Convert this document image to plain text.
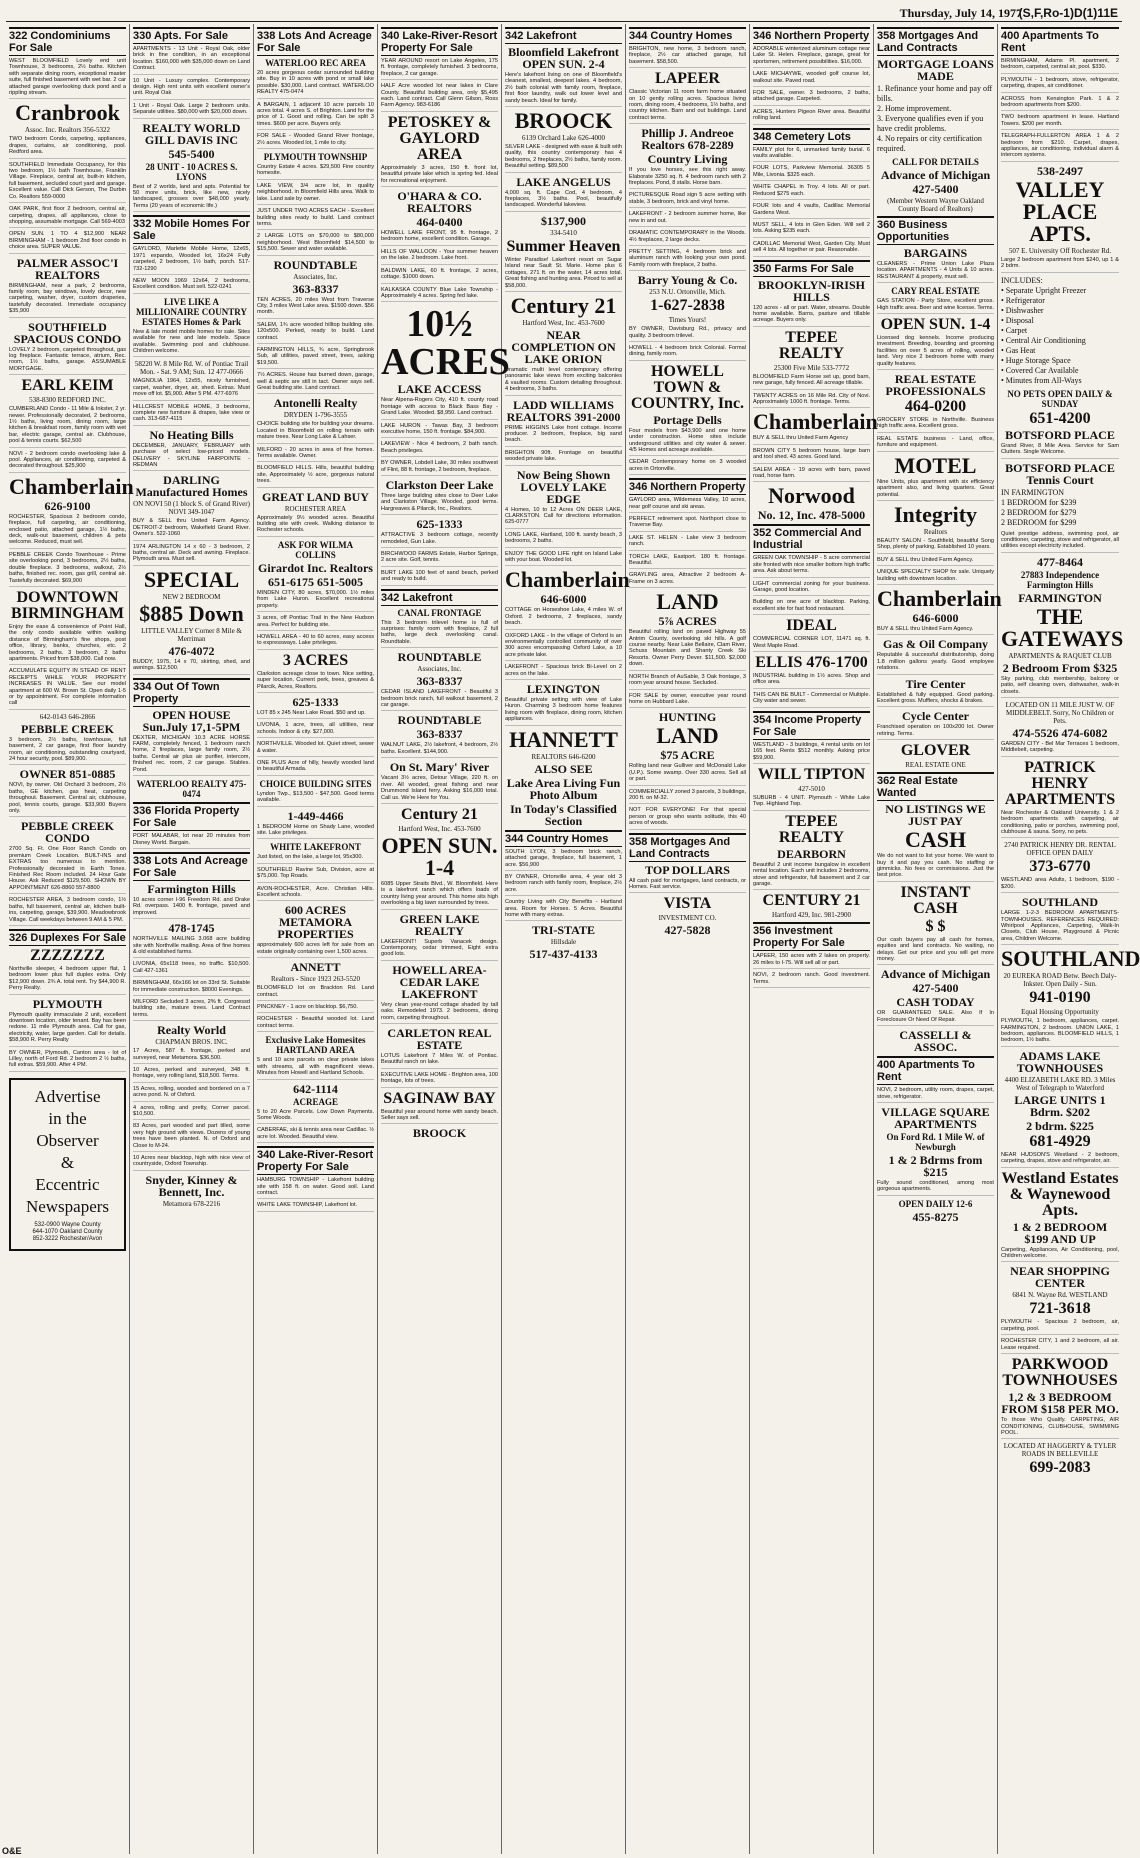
Thursday, July 14, 1977
(S,F,Ro-1)D(1)11E
322 Condominiums For Sale
WEST BLOOMFIELD Lovely end unit Townhouse, 3 bedrooms, 2½ baths. Kitchen with separate dining room, exceptional master suite, full finished basement with wet bar. 2 car attached garage overlooking duck pond and a rippling stream.
Cranbrook
Assoc. Inc. Realtors 356-5322
TWO bedroom Condo, carpeting, appliances, drapes, curtains, air conditioning, pool. Redford area.
SOUTHFIELD Immediate Occupancy, for this two bedroom, 1½ bath Townhouse, Franklin Village. Fireplace, central air, built-in kitchen, full basement, secluded court yard and garage. Excellent value. Call Dick Gerson, The Durbin Co. Realtors 559-0000
OAK PARK, first floor 2 bedroom, central air, carpeting, drapes, all appliances, close to shopping, assumable mortgage. Call 569-4003
OPEN SUN. 1 TO 4 $12,900 NEAR BIRMINGHAM - 1 bedroom 2nd floor condo in choice area. SUPER VALUE.
PALMER ASSOC'I REALTORS
BIRMINGHAM, near a park, 2 bedrooms, family room, bay windows, lovely decor, new carpeting, washer, dryer, custom draperies, tastefully decorated. Immediate occupancy $35,900
SOUTHFIELD SPACIOUS CONDO
LOVELY 2 bedroom, carpeted throughout, gas log fireplace. Fantastic terrace, atrium, Rec. room, 1½ baths, garage. ASSUMABLE MORTGAGE.
EARL KEIM
538-8300 REDFORD INC.
CUMBERLAND Condo - 11 Mile & Inkster, 2 yr. newer. Professionally decorated, 2 bedrooms, 1½ baths, living room, dining room, large kitchen & breakfast room, family room with wet bar, electric garage, central air. Clubhouse, pool & tennis courts. $62,500
NOVI - 2 bedroom condo overlooking lake & pool. Appliances, air conditioning, carpeted & decorated throughout. $25,900
Chamberlain
626-9100
ROCHESTER, Spacious 2 bedroom condo, fireplace, full carpeting, air conditioning, enclosed patio, attached garage, 1½ baths, deck, walk-out basement, children & pets welcome. Reduced, must sell.
PEBBLE CREEK Condo Townhouse - Prime site overlooking pond, 3 bedrooms, 2½ baths, double fireplace. 3 bedrooms, walkout, 2½ baths, finished rec. room, gas grill, central air. Tastefully decorated. $69,900
DOWNTOWN BIRMINGHAM
Enjoy the ease & convenience of Point Hall, the only condo available within walking distance of Birmingham's fine shops, post office, library, banks, churches, etc. 2 bedrooms, 2 baths. 3 bedroom, 2 baths apartments. Priced from $38,000. Call now.
ACCUMULATE EQUITY IN STEAD OF RENT RECEIPTS WHILE YOUR PROPERTY INCREASES IN VALUE. See our model apartment at 600 W. Brown St. Open daily 1-5 or by appointment. For complete information call
642-0143 646-2866
PEBBLE CREEK
3 bedroom, 2½ baths, townhouse, full basement, 2 car garage, first floor laundry room, air conditioning, outstanding courtyard, 24 hour security, pool. $89,900.
OWNER 851-0885
NOVI, by owner. Old Orchard 3 bedroom, 2½ baths, GE kitchen, gas heat, carpeting throughout. Basement. Central air, clubhouse, pool, tennis courts, garage. $33,900 Buyers only.
PEBBLE CREEK CONDO
2700 Sq. Ft. One Floor Ranch Condo on premium Creek Location. BUILT-INS and EXTRAS too numerous to mention. Professionally decorated in Earth Tones. Finished Rec Room included. 24 Hour Gate House. Ask Reduced $129,500. SHOWN BY APPOINTMENT 626-8860 557-8800
ROCHESTER AREA, 3 bedroom condo, 1½ baths, full basement, central air, kitchen built-ins, carpeting, garage, $39,900. Meadowbrook Village. Call weekdays between 9 AM & 5 PM.
326 Duplexes For Sale
ZZZZZZZ
Northville sleeper, 4 bedroom upper flat, 1 bedroom lower plus full duplex extra. Only $12,900 down. 2¾ A. total rent. Try $44,900 R. Perry Realty.
PLYMOUTH
Plymouth quality immaculate 2 unit, excellent downtown location, older tenant. Bay has been redone. 11 mile Plymouth area. Call for gas, electricity, water, large garden. Call for details. $58,900 R. Perry Realty
BY OWNER, Plymouth, Canton area - lot of Lilley, north of Ford Rd. 2 bedroom 2 ½ baths, full extras. $59,900. After 4 PM.
Advertise
in the
Observer
&
Eccentric
Newspapers
532-0900 Wayne County
644-1070 Oakland County
852-3222 Rochester/Avon
330 Apts. For Sale
APARTMENTS - 13 Unit - Royal Oak, older brick in fine condition, in an exceptional location. $160,000 with $35,000 down on Land Contract.
10 Unit - Luxury complex. Contemporary design. High rent units with excellent owner's unit. Royal Oak
1 Unit - Royal Oak. Large 2 bedroom units. Separate utilities. $80,000 with $20,000 down.
REALTY WORLD GILL DAVIS INC
545-5400
28 UNIT - 10 ACRES S. LYONS
Best of 2 worlds, land and apts. Potential for 50 more units, brick, like new, nicely landscaped, grosses over $48,000 yearly. Terms (20 years of economic life.)
332 Mobile Homes For Sale
GAYLORD, Marlette Mobile Home, 12x65, 1971 expando, Wooded lot, 16x24 Fully carpeted, 2 bedroom, 1½ bath, porch. 517-732-1290
NEW MOON 1969 12x64, 2 bedrooms, Excellent condition. Must sell. 522-0241
LIVE LIKE A MILLIONAIRE COUNTRY ESTATES Homes & Park
New & late model mobile homes for sale. Sites available for new and late models. Space available. Swimming pool and clubhouse. Children welcome.
58220 W. 8 Mile Rd. W. of Pontiac Trail Mon. - Sat. 9 AM; Sun. 12 477-0666
MAGNOLIA 1964, 12x55, nicely furnished, carpet, washer, dryer, air, shed. Extras. Must move off lot. $5,900. After 5 PM. 477-6976
HILLCREST MOBILE HOME, 3 bedrooms, complete new furniture & drapes, lake view or cash. 313-687-4115
No Heating Bills
DECEMBER, JANUARY, FEBRUARY with purchase of select low-priced models. DELIVERY - SKYLINE FAIRPOINTE - REDMAN
DARLING Manufactured Homes
ON NOVI 50 (1 block S. of Grand River) NOVI 349-1047
BUY & SELL thru United Farm Agency. DETROIT-2 bedroom, Wakefield Grand River. Owner's. 522-1060
1974 ARLINGTON 14 x 60 - 3 bedroom, 2 baths, central air. Deck and awning. Fireplace. Plymouth area. Must sell.
SPECIAL
NEW 2 BEDROOM
$885 Down
LITTLE VALLEY Corner 8 Mile & Merriman
476-4072
BUDDY, 1975, 14 x 70, skirting, shed, and awnings. $12,500.
334 Out Of Town Property
OPEN HOUSE Sun.July 17,1-5PM
DEXTER, MICHIGAN 10.3 ACRE HORSE FARM, completely fenced, 1 bedroom ranch home, 2 fireplaces, large family room, 2½ baths. Central air plus air purifier, intercom, finished rec. room, 2 car garage. Stables. Pond.
WATERLOO REALTY 475-0474
336 Florida Property For Sale
PORT MALABAR, lot near 20 minutes from Disney World. Bargain.
338 Lots And Acreage For Sale
Farmington Hills
10 acres corner I-96 Freedom Rd. and Drake Rd. overpass. 1400 ft. frontage, paved and improved.
478-1745
NORTHVILLE MAILING 3.068 acre building site with Northville mailing. Area of fine homes & old established farms.
LIVONIA, 65x118 trees, no traffic. $10,500. Call 427-1361
BIRMINGHAM, 66x166 lot on 33rd St. Suitable for immediate construction. $8000 Evenings.
MILFORD Secluded 3 acres, 2% ft. Corgressd building site, mature trees. Land Contract terms.
Realty World
CHAPMAN BROS. INC.
17 Acres, 587 ft. frontage, perked and surveyed, near Metamora. $36,500.
10 Acres, perked and surveyed, 348 ft. frontage, very rolling land, $18,500. Terms.
15 Acres, rolling, wooded and bordered on a 7 acres pond. N. of Oxford.
4 acres, rolling and pretty, Corner parcel. $10,500.
83 Acres, part wooded and part tilled, some very high ground with views. Dozens of young trees have been planted. N. of Oxford and Close to M-24.
10 Acres near blacktop, high with nice view of countryside, Oxford Township.
Snyder, Kinney & Bennett, Inc.
Metamora 678-2216
338 Lots And Acreage For Sale
WATERLOO REC AREA
20 acres gorgeous cedar surrounded building site. Buy in 10 acres with pond or small lake possible. $30,000. Land contract. WATERLOO REALTY 475-0474
A BARGAIN, 1 adjacent 10 acre parcels 10 acres total. 4 acres S. of Brighton. Land for the price of 1. Good and rolling. Can be split 3 times. $600 per acre. Buyers only.
FOR SALE - Wooded Grand River frontage, 2½ acres. Wooded lot, 1 mile to city.
PLYMOUTH TOWNSHIP
Country Estate 4 acres. $29,500 Fine country homesite.
LAKE VIEW, 3/4 acre lot, in quality neighborhood, in Bloomfield Hills area. Walk to lake. Land sale by owner.
JUST UNDER TWO ACRES EACH - Excellent building sites ready to build. Land contract terms.
2 LARGE LOTS on $70,000 to $80,000 neighborhood. West Bloomfield $14,500 to $15,500. Sewer and water available.
ROUNDTABLE
Associates, Inc.
363-8337
TEN ACRES, 20 miles West from Traverse City, 3 miles West Lake area. $1500 down. $56 month.
SALEM, 1¾ acre wooded hilltop building site. 120x500. Perked, ready to build. Land contract.
FARMINGTON HILLS, ¾ acre, Springbrook Sub, all utilities, paved street, trees, asking $19,500.
7½ ACRES. House has burned down, garage, well & septic are still in tact. Owner says sell. Great building site. Land contract.
Antonelli Realty
DRYDEN 1-796-3555
CHOICE building site for building your dreams. Located in Bloomfield on rolling terrain with mature trees. Near Long Lake & Lahser.
MILFORD - 20 acres in area of fine homes. Terms available. Owner.
BLOOMFIELD HILLS. Hills, beautiful building site. Approximately ½ acre, gorgeous natural trees.
GREAT LAND BUY
ROCHESTER AREA
Approximately 9½ wooded acres. Beautiful building site with creek. Walking distance to Rochester schools.
ASK FOR WILMA COLLINS
Girardot Inc. Realtors
651-6175 651-5005
MINDEN CITY, 80 acres, $70,000. 1½ miles from Lake Huron. Excellent recreational property.
3 acres, off Pontiac Trail in the New Hudson area. Perfect for building site.
HOWELL AREA - 40 to 60 acres, easy access to expressways. Lake privileges.
3 ACRES
Clarkston acreage close to town. Nice setting, super location. Current perk, trees, greaves & Pilarcik, Acres, Realtors.
625-1333
LOT 85 x 245 Near Lake Road. $50 and up.
LIVONIA, 1 acre, trees, all utilities, near schools. Indoor & city. $27,000.
NORTHVILLE. Wooded lot. Quiet street, sewer & water.
ONE PLUS Acre of hilly, heavily wooded land in beautiful Armada.
CHOICE BUILDING SITES
Lyndon Twp., $13,500 - $47,500. Good terms available.
1-449-4466
1 BEDROOM Home on Shady Lane, wooded site. Lake privileges.
WHITE LAKEFRONT
Just listed, on the lake, a large lot, 95x300.
SOUTHFIELD Ravine Sub, Division, acre at $75,000. Top Roads.
AVON-ROCHESTER, Acre. Christian Hills. Excellent schools.
600 ACRES METAMORA PROPERTIES
approximately 600 acres left for sale from an estate originally containing over 1,500 acres.
ANNETT
Realtors - Since 1923 263-5520
BLOOMFIELD lot on Brackton Rd. Land contract.
PINCKNEY - 1 acre on blacktop. $6,750.
ROCHESTER - Beautiful wooded lot. Land contract terms.
Exclusive Lake Homesites HARTLAND AREA
5 and 10 acre parcels on clear private lakes with streams, all with magnificent views. Minutes from Howell and Hartland Schools.
642-1114
ACREAGE
5 to 20 Acre Parcels. Low Down Payments. Some Woods.
CABERFAE, ski & tennis area near Cadillac. ½ acre lot. Wooded. Beautiful view.
340 Lake-River-Resort Property For Sale
HAMBURG TOWNSHIP - Lakefront building site with 158 ft. on water. Good soil. Land contract.
WHITE LAKE TOWNSHIP, Lakefront lot.
340 Lake-River-Resort Property For Sale
YEAR AROUND resort on Lake Angeles, 175 ft. frontage, completely furnished. 3 bedrooms, fireplace, 2 car garage.
HALF Acre wooded lot near lakes in Clare County. Beautiful building area, only $5,495 each. Land contract. Call Glenn Gilson, Ross Farm Agency. 983-6186
PETOSKEY & GAYLORD AREA
Approximately 3 acres, 150 ft. front lot, beautiful private lake which is spring fed. Ideal for recreational enjoyment.
O'HARA & CO. REALTORS
464-0400
HOWELL LAKE FRONT, 95 ft. frontage, 2 bedroom home, excellent condition. Garage.
HILLS OF WALLOON - Your summer heaven on the lake. 2 bedroom. Lake front.
BALDWIN LAKE, 60 ft. frontage, 2 acres, cottage. $1000 down.
KALKASKA COUNTY Blue Lake Township - Approximately 4 acres. Spring fed lake.
10½ ACRES
LAKE ACCESS
Near Alpena-Rogers City, 410 ft. county road frontage with access to Black Bass Bay - Grand Lake. Wooded. $8,950. Land contract.
LAKE HURON - Tawas Bay, 3 bedroom executive home, 150 ft. frontage. $84,900.
LAKEVIEW - Nice 4 bedroom, 2 bath ranch. Beach privileges.
BY OWNER, Lobdell Lake, 30 miles southwest of Flint, 88 ft. frontage, 2 bedroom, fireplace.
Clarkston Deer Lake
Three large building sites close to Deer Lake and Clarkston Village. Wooded, good terms. Hargreaves & Pilarcik, Inc., Realtors.
625-1333
ATTRACTIVE 3 bedroom cottage, recently remodeled, Gun Lake.
BIRCHWOOD FARMS Estate, Harbor Springs, 2 acre site. Golf, tennis.
BURT LAKE 100 feet of sand beach, perked and ready to build.
342 Lakefront
CANAL FRONTAGE
This 3 bedroom trilevel home is full of surprises: family room with fireplace, 2 full baths, large deck overlooking canal. Roundtable.
ROUNDTABLE
Associates, Inc.
363-8337
CEDAR ISLAND LAKEFRONT - Beautiful 3 bedroom brick ranch, full walkout basement, 2 car garage.
ROUNDTABLE
363-8337
WALNUT LAKE, 2½ lakefront, 4 bedroom, 2½ baths. Excellent. $144,900.
On St. Mary' River
Vacant 3½ acres, Detour Village, 220 ft. on river. All wooded, great fishing and near Drummond Island ferry. Asking $16,000 total. Call us. We're Here for You.
Century 21
Hartford West, Inc. 453-7600
OPEN SUN. 1-4
6085 Upper Straits Blvd., W. Bloomfield. Here is a lakefront ranch which offers loads of country living year around. This home sits high overlooking a big lawn surrounded by trees.
GREEN LAKE REALTY
LAKEFRONT! Superb Vanacek design. Contemporary, cedar trimmed, Eight extra good lots.
HOWELL AREA-CEDAR LAKE LAKEFRONT
Very clean year-round cottage shaded by tall oaks. Remodeled 1973. 2 bedrooms, dining room, carpeting throughout.
CARLETON REAL ESTATE
LOTUS Lakefront 7 Miles W. of Pontiac. Beautiful ranch on lake.
EXECUTIVE LAKE HOME - Brighton area, 100 frontage, lots of trees.
SAGINAW BAY
Beautiful year around home with sandy beach. Seller says sell.
BROOCK
342 Lakefront
Bloomfield Lakefront OPEN SUN. 2-4
Here's lakefront living on one of Bloomfield's cleanest, smallest, deepest lakes. 4 bedroom, 2½ bath colonial with family room, fireplace, first floor laundry, walk out lower level and sandy beach. Ideal for family.
BROOCK
6139 Orchard Lake 626-4000
SILVER LAKE - designed with ease & built with quality, this country contemporary has 4 bedrooms, 2 fireplaces, 2½ baths, family room. Beautiful setting. $89,500
LAKE ANGELUS
4,000 sq. ft. Cape Cod, 4 bedroom, 4 fireplaces, 3½ baths. Pool, beautifully landscaped. Wonderful lakeview.
$137,900
334-5410
Summer Heaven
Winter Paradise! Lakefront resort on Sugar Island near Sault St. Marie. Home plus 6 cottages, 271 ft. on the water, 14 acres total. Great fishing and hunting area. Priced to sell at $58,000.
Century 21
Hartford West, Inc. 453-7600
NEAR COMPLETION ON LAKE ORION
Dramatic multi level contemporary offering panoramic lake views from exciting balconies & vaulted rooms. Custom detailing throughout. 4 bedrooms, 3 baths.
LADD WILLIAMS REALTORS 391-2000
PRIME HIGGINS Lake front cottage. Income producer. 2 bedroom, fireplace, big sand beach.
BRIGHTON 90ft. Frontage on beautiful wooded private lake.
Now Being Shown LOVELY LAKE EDGE
4 Homes, 10 to 12 Acres ON DEER LAKE, CLARKSTON. Call for directions information. 625-0777
LONG LAKE, Hartland, 100 ft. sandy beach, 3 bedrooms, 2 baths.
ENJOY THE GOOD LIFE right on Island Lake with your boat. Wooded lot.
Chamberlain
646-6000
COTTAGE on Horseshoe Lake, 4 miles W. of Oxford. 2 bedrooms, 2 fireplaces, sandy beach.
OXFORD LAKE - In the village of Oxford is an environmentally controlled community of over 300 acres encompassing Oxford Lake, a 10 acre private lake.
LAKEFRONT - Spacious brick Bi-Level on 2 acres on the lake.
LEXINGTON
Beautiful private setting with view of Lake Huron. Charming 3 bedroom home features living room with fireplace, dining room, kitchen appliances.
HANNETT
REALTORS 646-6200
ALSO SEE
Lake Area Living Fun Photo Album
In Today's Classified Section
344 Country Homes
SOUTH LYON, 3 bedroom brick ranch, attached garage, fireplace, full basement, 1 acre. $56,900
BY OWNER, Ortonville area, 4 year old 3 bedroom ranch with family room, fireplace, 2½ acre.
Country Living with City Benefits - Hartland area. Room for Horses. 5 Acres. Beautiful home with many extras.
TRI-STATE
Hillsdale
517-437-4133
344 Country Homes
BRIGHTON, new home, 3 bedroom ranch, fireplace, 2½ car attached garage, full basement. $58,500.
LAPEER
Classic Victorian 11 room farm home situated on 10 gently rolling acres. Spacious living room, dining room, 4 bedrooms, 1½ baths, and country kitchen. Barn and out buildings. Land contract terms.
Phillip J. Andreoe Realtors 678-2289
Country Living
If you love horses, see this right away. Elaborate 3250 sq. ft. 4 bedroom ranch with 2 fireplaces. Pond, 8 stalls. Horse barn.
PICTURESQUE Road sign 5 acre setting with stable, 3 bedroom, brick and vinyl home.
LAKEFRONT - 2 bedroom summer home, like new in and out.
DRAMATIC CONTEMPORARY in the Woods. 4½ fireplaces, 2 large decks.
PRETTY SETTING, 4 bedroom brick and aluminum ranch with looking your own pond. Family room with fireplace, 2 baths.
Barry Young & Co.
253 N.U. Ortonville, Mich.
1-627-2838
Times Yours!
BY OWNER, Davisburg Rd., privacy and quality. 3 bedroom trilevel.
HOWELL - 4 bedroom brick Colonial. Formal dining, family room.
HOWELL TOWN & COUNTRY, Inc.
Portage Dells
Four models from $43,900 and one home under construction. Home sites include underground utilities and city water & sewer. 4/5 Homes and acreage available.
CEDAR Contemporary home on 3 wooded acres in Ortonville.
346 Northern Property
GAYLORD area, Wilderness Valley, 10 acres, near golf course and ski areas.
PERFECT retirement spot. Northport close to Traverse Bay.
LAKE ST. HELEN - Lake view 3 bedroom ranch.
TORCH LAKE, Eastport. 180 ft. frontage. Beautiful.
GRAYLING area, Attractive 2 bedroom A-Frame on 3 acres.
LAND
5⅞ ACRES
Beautiful rolling land on paved Highway 55 Antrim County, overlooking ski hills. A golf course nearby. Near Lake Bellaire, Clam River, Schuss Mountain and Shanty Creek Ski Resorts. Owner Perry Dever. $11,500. $2,000 down.
NORTH Branch of AuSable, 3 Oak frontage, 3 room year around house. Secluded.
FOR SALE by owner, executive year round home on Hubbard Lake.
HUNTING
LAND
$75 ACRE
Rolling land near Gulliver and McDonald Lake (U.P.). Some swamp. Over 330 acres. Sell all or part.
COMMERCIALLY zoned 3 parcels, 3 buildings, 200 ft. on M-32.
NOT FOR EVERYONE! For that special person or group who wants solitude, this 40 acres of woods.
358 Mortgages And Land Contracts
TOP DOLLARS
All cash paid for mortgages, land contracts, or Homes. Fast service.
VISTA
INVESTMENT CO.
427-5828
346 Northern Property
ADORABLE winterized aluminum cottage near Lake St. Helen. Fireplace, garage, great for sportsmen, retirement possibilities. $16,000.
LAKE MICHAYWE, wooded golf course lot, walkout site. Paved road.
FOR SALE, owner. 3 bedrooms, 2 baths, attached garage. Carpeted.
ACRES, Hunters Pigeon River area. Beautiful rolling land.
348 Cemetery Lots
FAMILY plot for 6, unmarked family burial. 6 vaults available.
FOUR LOTS, Parkview Memorial. 36305 5 Mile, Livonia. $325 each.
WHITE CHAPEL in Troy. 4 lots. All or part. Reduced $275 each.
FOUR lots and 4 vaults, Cadillac Memorial Gardens West.
MUST SELL, 4 lots in Glen Eden. Will sell 2 lots. Asking $235 each.
CADILLAC Memorial West, Garden City. Must sell 4 lots. All together or pair. Reasonable.
350 Farms For Sale
BROOKLYN-IRISH HILLS
120 acres - all or part. Water, streams. Double home available. Barns, pasture and tillable acreage. Buyers only.
TEPEE REALTY
25300 Five Mile 533-7772
BLOOMFIELD Farm Horse set up, good barn, new garage, fully fenced. All acreage tillable.
TWENTY ACRES on 16 Mile Rd. City of Novi. Approximately 1000 ft. frontage. Terms.
Chamberlain
BUY & SELL thru United Farm Agency
BROWN CITY 5 bedroom house, large barn and tool shed. 43 acres. Good land.
SALEM AREA - 19 acres with barn, paved road, horse farm.
Norwood
No. 12, Inc. 478-5000
352 Commercial And Industrial
GREEN OAK TOWNSHIP - 5 acre commercial site fronted with nice smaller bottom high traffic area. Ask about terms.
LIGHT commercial zoning for your business. Garage, good location.
Building on one acre of blacktop. Parking, excellent site for fast food restaurant.
IDEAL
COMMERCIAL CORNER LOT, 11471 sq. ft. West Maple Road.
ELLIS 476-1700
INDUSTRIAL building in 1½ acres. Shop and office area.
THIS CAN BE BUILT - Commercial or Multiple. City water and sewer.
354 Income Property For Sale
WESTLAND - 3 buildings, 4 rental units on lot 165 feet. Rents $512 monthly. Asking price $59,900.
WILL TIPTON
427-5010
SUBURB - 4 UNIT. Plymouth - White Lake Twp. Highland Twp.
TEPEE REALTY
DEARBORN
Beautiful 2 unit income bungalow in excellent rental location. Each unit includes 2 bedrooms, stove and refrigerator, full basement and 2 car garage.
CENTURY 21
Hartford 429, Inc. 981-2900
356 Investment Property For Sale
LAPEER, 150 acres with 2 lakes on property. 26 miles to I-75. Will sell all or part.
NOVI, 2 bedroom ranch. Good investment. Terms.
358 Mortgages And Land Contracts
MORTGAGE LOANS MADE
1. Refinance your home and pay off bills.
2. Home improvement.
3. Everyone qualifies even if you have credit problems.
4. No repairs or city certification required.
CALL FOR DETAILS
Advance of Michigan
427-5400
(Member Western Wayne Oakland County Board of Realtors)
360 Business Opportunities
BARGAINS
CLEANERS - Prime Union Lake Plaza location. APARTMENTS - 4 Units & 10 acres. RESTAURANT & property, must sell.
CARY REAL ESTATE
GAS STATION - Party Store, excellent gross. High traffic area. Beer and wine license. Terms.
OPEN SUN. 1-4
Licensed dog kennels. Income producing investment. Breeding, boarding and grooming facilities on over 5 acres of rolling, wooded land. Very nice 2 bedroom home with many quality features.
REAL ESTATE PROFESSIONALS
464-0200
GROCERY STORE in Northville. Business high traffic area. Excellent gross.
REAL ESTATE business - Land, office, furniture and equipment.
MOTEL
Nine Units, plus apartment with six efficiency apartment also, and living quarters. Great potential.
Integrity
Realtors
BEAUTY SALON - Southfield, beautiful Song Shop, plenty of parking. Established 10 years.
BUY & SELL thru United Farm Agency.
UNIQUE SPECIALTY SHOP for sale. Uniquely building with downtown location.
Chamberlain
646-6000
BUY & SELL thru United Farm Agency.
Gas & Oil Company
Reputable & successful distributorship, doing 1.8 million gallons yearly. Good employee relations.
Tire Center
Established & fully equipped. Good parking. Excellent gross. Mufflers, shocks & brakes.
Cycle Center
Franchised operation on 100x200 lot. Owner retiring. Terms.
GLOVER
REAL ESTATE ONE
362 Real Estate Wanted
NO LISTINGS WE JUST PAY
CASH
We do not want to list your home. We want to buy it and pay you cash. No staffing or gimmicks. No fees or commissions. Just the best price.
INSTANT CASH
$ $
Our cash buyers pay all cash for homes, equities and land contracts. No waiting, no delays. Get our price and you will get more money.
Advance of Michigan
427-5400
CASH TODAY
OR GUARANTEED SALE. Also If In Foreclosure Or Need Of Repair.
CASSELLI & ASSOC.
400 Apartments To Rent
NOVI, 2 bedroom, utility room, drapes, carpet, stove, refrigerator.
VILLAGE SQUARE APARTMENTS
On Ford Rd. 1 Mile W. of Newburgh
1 & 2 Bdrms from $215
Fully sound conditioned, among most gorgeous apartments.
OPEN DAILY 12-6
455-8275
400 Apartments To Rent
BIRMINGHAM, Adams Pl. apartment, 2 bedroom, carpeted, central air, pool. $330.
PLYMOUTH - 1 bedroom, stove, refrigerator, carpeting, drapes, air conditioner.
ACROSS from Kensington Park. 1 & 2 bedroom apartments from $200.
TWO bedroom apartment in lease. Hartland Towers. $200 per month.
TELEGRAPH-FULLERTON AREA 1 & 2 bedroom from $210. Carpet, drapes, appliances, air conditioning, individual alarm & intercom systems.
538-2497
VALLEY PLACE APTS.
507 E. University Off Rochester Rd.
Large 2 bedroom apartment from $240, up 1 & 2 bdrm.
INCLUDES:
• Separate Upright Freezer
• Refrigerator
• Dishwasher
• Disposal
• Carpet
• Central Air Conditioning
• Gas Heat
• Huge Storage Space
• Covered Car Available
• Minutes from All-Ways
NO PETS OPEN DAILY & SUNDAY
651-4200
BOTSFORD PLACE
Grand River, 8 Mile Area. Service for Sam Clutters. Single Welcome.
BOTSFORD PLACE Tennis Court
IN FARMINGTON
1 BEDROOM for $239
2 BEDROOM for $279
2 BEDROOM for $299
Quiet prestige address, swimming pool, air conditioner, carpeting, stove and refrigerator, all utilities except electricity included.
477-8464
27883 Independence Farmington Hills
FARMINGTON
THE GATEWAYS
APARTMENTS & RAQUET CLUB
2 Bedroom From $325
Sky parking, club membership, balcony or patio, self cleaning oven, dishwasher, walk-in closets.
LOCATED ON 11 MILE JUST W. OF MIDDLEBELT. Sorry, No Children or Pets.
474-5526 474-6082
GARDEN CITY - Bel Mar Terraces 1 bedroom, Middlebelt, carpeting.
PATRICK HENRY APARTMENTS
Near Rochester & Oakland University. 1 & 2 bedroom apartments with carpeting, air conditioning, patio or porches, swimming pool, clubhouse & sauna. Sorry, no pets.
2740 PATRICK HENRY DR. RENTAL OFFICE OPEN DAILY
373-6770
WESTLAND area Adults, 1 bedroom, $190 - $200.
SOUTHLAND
LARGE 1-2-3 BEDROOM APARTMENTS-TOWNHOUSES. REFERENCES REQUIRED: Whirlpool Appliances, Carpeting, Walk-In Closets, Club House, Playground & Picnic area, Children Welcome.
SOUTHLAND
20 EUREKA ROAD Betw. Beech Daly-Inkster. Open Daily - Sun.
941-0190
Equal Housing Opportunity
PLYMOUTH, 1 bedroom, appliances, carpet. FARMINGTON, 2 bedroom. UNION LAKE, 1 bedroom, appliances. BLOOMFIELD HILLS, 1 bedroom, 1½ baths.
ADAMS LAKE TOWNHOUSES
4400 ELIZABETH LAKE RD. 3 Miles West of Telegraph to Waterford
LARGE UNITS 1 Bdrm. $202
2 bdrm. $225
681-4929
NEAR HUDSON'S Westland - 2 bedroom, carpeting, drapes, stove and refrigerator, air.
Westland Estates & Waynewood Apts.
1 & 2 BEDROOM $199 AND UP
Carpeting, Appliances, Air Conditioning, pool, Children welcome.
NEAR SHOPPING CENTER
6841 N. Wayne Rd. WESTLAND
721-3618
PLYMOUTH - Spacious 2 bedroom, air, carpeting, pool.
ROCHESTER CITY, 1 and 2 bedroom, all air. Lease required.
PARKWOOD TOWNHOUSES
1,2 & 3 BEDROOM FROM $158 PER MO.
To those Who Qualify. CARPETING, AIR CONDITIONING, CLUBHOUSE, SWIMMING POOL.
LOCATED AT HAGGERTY & TYLER ROADS IN BELLEVILLE
699-2083
O&E
